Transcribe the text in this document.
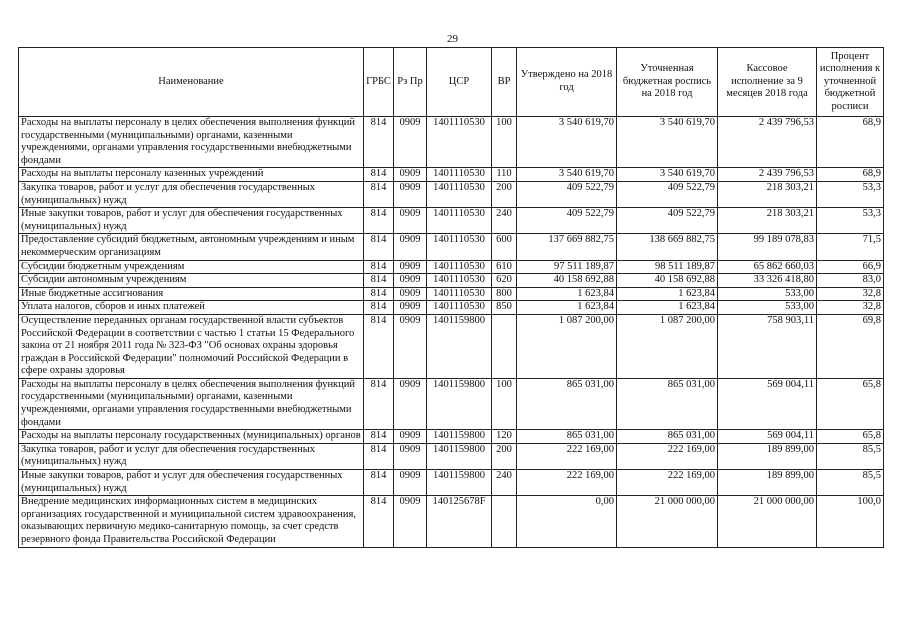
29
Наименование	ГРБС	Рз Пр	ЦСР	ВР	Утверждено на 2018 год	Уточненная бюджетная роспись на 2018 год	Кассовое исполнение за 9 месяцев 2018 года	Процент исполнения к уточненной бюджетной росписи
Расходы на выплаты персоналу в целях обеспечения выполнения функций государственными (муниципальными) органами, казенными учреждениями, органами управления государственными внебюджетными фондами	814	0909	1401110530	100	3 540 619,70	3 540 619,70	2 439 796,53	68,9
Расходы на выплаты персоналу казенных учреждений	814	0909	1401110530	110	3 540 619,70	3 540 619,70	2 439 796,53	68,9
Закупка товаров, работ и услуг для обеспечения государственных (муниципальных) нужд	814	0909	1401110530	200	409 522,79	409 522,79	218 303,21	53,3
Иные закупки товаров, работ и услуг для обеспечения государственных (муниципальных) нужд	814	0909	1401110530	240	409 522,79	409 522,79	218 303,21	53,3
Предоставление субсидий бюджетным, автономным учреждениям и иным некоммерческим организациям	814	0909	1401110530	600	137 669 882,75	138 669 882,75	99 189 078,83	71,5
Субсидии бюджетным учреждениям	814	0909	1401110530	610	97 511 189,87	98 511 189,87	65 862 660,03	66,9
Субсидии автономным учреждениям	814	0909	1401110530	620	40 158 692,88	40 158 692,88	33 326 418,80	83,0
Иные бюджетные ассигнования	814	0909	1401110530	800	1 623,84	1 623,84	533,00	32,8
Уплата налогов, сборов и иных платежей	814	0909	1401110530	850	1 623,84	1 623,84	533,00	32,8
Осуществление переданных органам государственной власти субъектов Российской Федерации в соответствии с частью 1 статьи 15 Федерального закона от 21 ноября 2011 года № 323-ФЗ "Об основах охраны здоровья граждан в Российской Федерации" полномочий Российской Федерации в сфере охраны здоровья	814	0909	1401159800		1 087 200,00	1 087 200,00	758 903,11	69,8
Расходы на выплаты персоналу в целях обеспечения выполнения функций государственными (муниципальными) органами, казенными учреждениями, органами управления государственными внебюджетными фондами	814	0909	1401159800	100	865 031,00	865 031,00	569 004,11	65,8
Расходы на выплаты персоналу государственных (муниципальных) органов	814	0909	1401159800	120	865 031,00	865 031,00	569 004,11	65,8
Закупка товаров, работ и услуг для обеспечения государственных (муниципальных) нужд	814	0909	1401159800	200	222 169,00	222 169,00	189 899,00	85,5
Иные закупки товаров, работ и услуг для обеспечения государственных (муниципальных) нужд	814	0909	1401159800	240	222 169,00	222 169,00	189 899,00	85,5
Внедрение медицинских информационных систем в медицинских организациях государственной и муниципальной систем здравоохранения, оказывающих первичную медико-санитарную помощь, за счет средств резервного фонда Правительства Российской Федерации	814	0909	140125678F		0,00	21 000 000,00	21 000 000,00	100,0
